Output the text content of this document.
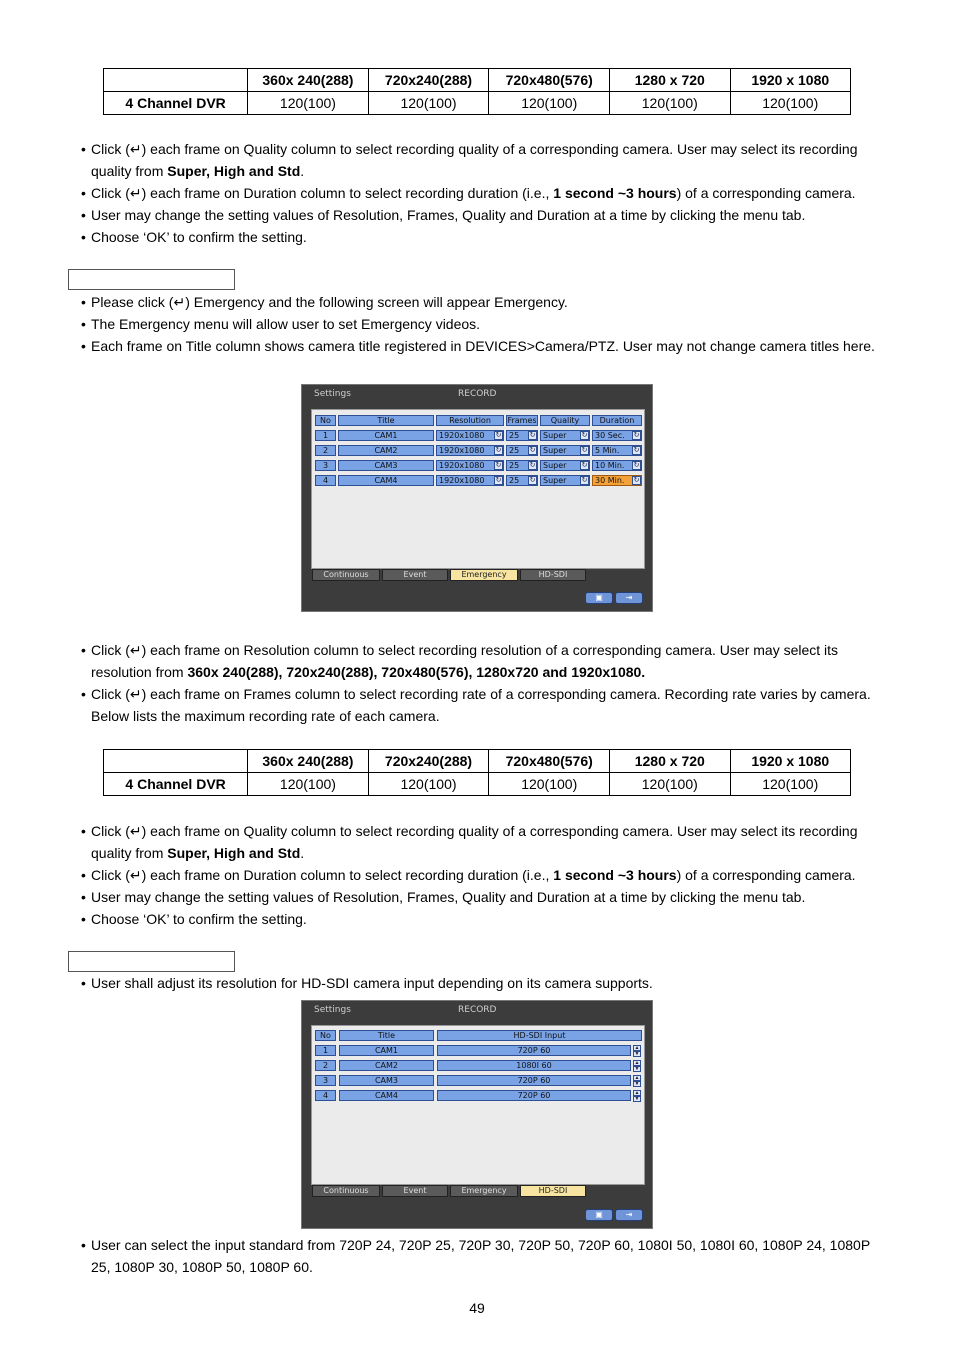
	360x 240(288)	720x240(288)	720x480(576)	1280 x 720	1920 x 1080
4 Channel DVR	120(100)	120(100)	120(100)	120(100)	120(100)
• Click (↵) each frame on Quality column to select recording quality of a corresponding camera. User may select its recording quality from Super, High and Std.
• Click (↵) each frame on Duration column to select recording duration (i.e., 1 second ~3 hours) of a corresponding camera.
• User may change the setting values of Resolution, Frames, Quality and Duration at a time by clicking the menu tab.
• Choose ‘OK’ to confirm the setting.
• Please click (↵) Emergency and the following screen will appear Emergency.
• The Emergency menu will allow user to set Emergency videos.
• Each frame on Title column shows camera title registered in DEVICES>Camera/PTZ. User may not change camera titles here.
Settings	RECORD
No	Title	Resolution	Frames	Quality	Duration
1	CAM1	1920x1080	↻ 25	↻ Super	↻ 30 Sec.	↻
2	CAM2	1920x1080	↻ 25	↻ Super	↻ 5 Min.	↻
3	CAM3	1920x1080	↻ 25	↻ Super	↻ 10 Min.	↻
4	CAM4	1920x1080	↻ 25	↻ Super	↻ 30 Min.	↻
Continuous	Event	Emergency	HD-SDI
▣	⇥
• Click (↵) each frame on Resolution column to select recording resolution of a corresponding camera. User may select its resolution from 360x 240(288), 720x240(288), 720x480(576), 1280x720 and 1920x1080.
• Click (↵) each frame on Frames column to select recording rate of a corresponding camera. Recording rate varies by camera. Below lists the maximum recording rate of each camera.
	360x 240(288)	720x240(288)	720x480(576)	1280 x 720	1920 x 1080
4 Channel DVR	120(100)	120(100)	120(100)	120(100)	120(100)
• Click (↵) each frame on Quality column to select recording quality of a corresponding camera. User may select its recording quality from Super, High and Std.
• Click (↵) each frame on Duration column to select recording duration (i.e., 1 second ~3 hours) of a corresponding camera.
• User may change the setting values of Resolution, Frames, Quality and Duration at a time by clicking the menu tab.
• Choose ‘OK’ to confirm the setting.
• User shall adjust its resolution for HD-SDI camera input depending on its camera supports.
Settings	RECORD
No	Title	HD-SDI Input
1	CAM1	720P 60	▲
▼
2	CAM2	1080I 60	▲
▼
3	CAM3	720P 60	▲
▼
4	CAM4	720P 60	▲
▼
Continuous	Event	Emergency	HD-SDI
▣	⇥
• User can select the input standard from 720P 24, 720P 25, 720P 30, 720P 50, 720P 60, 1080I 50, 1080I 60, 1080P 24, 1080P 25, 1080P 30, 1080P 50, 1080P 60.
49
